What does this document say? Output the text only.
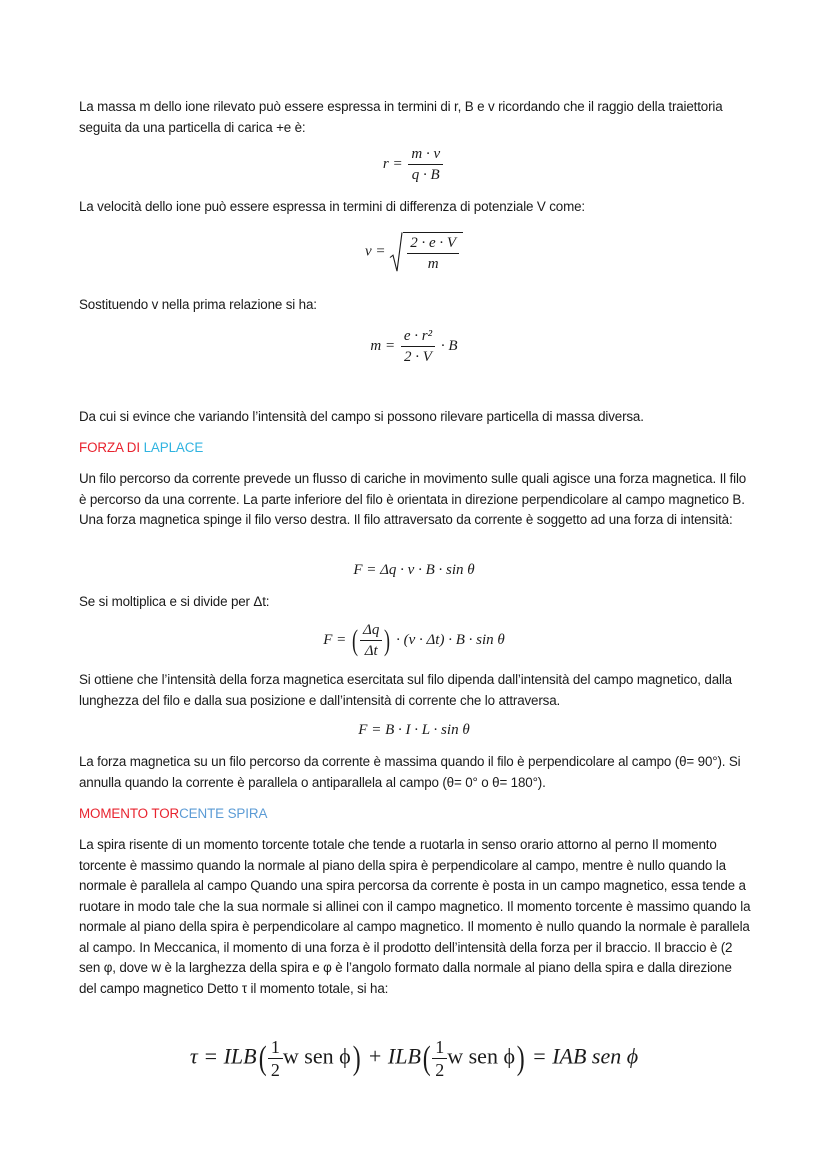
La massa m dello ione rilevato può essere espressa in termini di r, B e v ricordando che il raggio della traiettoria seguita da una particella di carica +e è:

$r = \frac{m \cdot v}{q \cdot B}$

La velocità dello ione può essere espressa in termini di differenza di potenziale V come:

$v = \frac{2 \cdot e \cdot V}{m}$

Sostituendo v nella prima relazione si ha:

$m = \frac{\text{e · r²}}{2 \cdot V} \cdot B$

Da cui si evince che variando l’intensità del campo si possono rilevare particella di massa diversa.

FORZA DI LAPLACE

Un filo percorso da corrente prevede un flusso di cariche in movimento sulle quali agisce una forza magnetica. Il filo è percorso da una corrente. La parte inferiore del filo è orientata in direzione perpendicolare al campo magnetico B. Una forza magnetica spinge il filo verso destra. Il filo attraversato da corrente è soggetto ad una forza di intensità:

F = Δq · v · B · sin θ

Se si moltiplica e si divide per Δt:

F = ( $\frac{\Delta q}{\Delta t}$ ) · (v · Δt) · B · sin θ

Si ottiene che l’intensità della forza magnetica esercitata sul filo dipenda dall’intensità del campo magnetico, dalla lunghezza del filo e dalla sua posizione e dall’intensità di corrente che lo attraversa.

F = B · I · L · sin θ

La forza magnetica su un filo percorso da corrente è massima quando il filo è perpendicolare al campo (θ= 90°). Si annulla quando la corrente è parallela o antiparallela al campo (θ= 0° o θ= 180°).

MOMENTO TORCENTE SPIRA

La spira risente di un momento torcente totale che tende a ruotarla in senso orario attorno al perno Il momento torcente è massimo quando la normale al piano della spira è perpendicolare al campo, mentre è nullo quando la normale è parallela al campo Quando una spira percorsa da corrente è posta in un campo magnetico, essa tende a ruotare in modo tale che la sua normale si allinei con il campo magnetico. Il momento torcente è massimo quando la normale al piano della spira è perpendicolare al campo magnetico. Il momento è nullo quando la normale è parallela al campo. In Meccanica, il momento di una forza è il prodotto dell’intensità della forza per il braccio. Il braccio è (2 sen φ, dove w è la larghezza della spira e φ è l’angolo formato dalla normale al piano della spira e dalla direzione del campo magnetico Detto τ il momento totale, si ha:

$\tau = ILB( \frac{1}{2}$ w sen $\phi) + ILB( \frac{1}{2}$ w sen ϕ) = IAB sen ϕ
